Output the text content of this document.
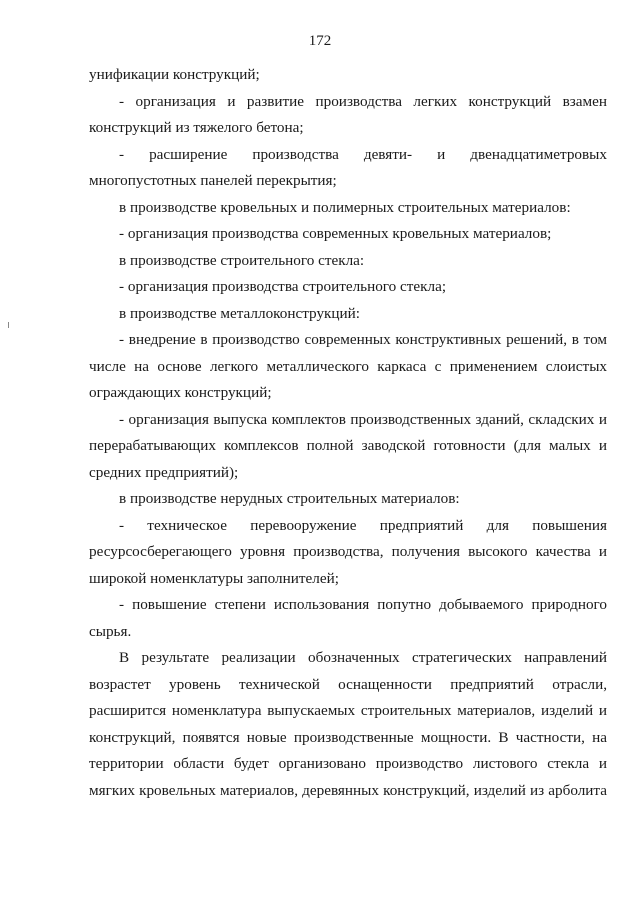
172

унификации конструкций;

- организация и развитие производства легких конструкций взамен
конструкций из тяжелого бетона;

- расширение производства девяти- и двенадцатиметровых
многопустотных панелей перекрытия;

в производстве кровельных и полимерных строительных материалов:

- организация производства современных кровельных материалов;

в производстве строительного стекла:

- организация производства строительного стекла;

в производстве металлоконструкций:

- внедрение в производство современных конструктивных решений, в том
числе на основе легкого металлического каркаса с применением слоистых
ограждающих конструкций;

- организация выпуска комплектов производственных зданий, складских и
перерабатывающих комплексов полной заводской готовности (для малых и
средних предприятий);

в производстве нерудных строительных материалов:

- техническое перевооружение предприятий для повышения
ресурсосберегающего уровня производства, получения высокого качества и
широкой номенклатуры заполнителей;

- повышение степени использования попутно добываемого природного
сырья.

В результате реализации обозначенных стратегических направлений
возрастет уровень технической оснащенности предприятий отрасли,
расширится номенклатура выпускаемых строительных материалов, изделий и
конструкций, появятся новые производственные мощности. В частности, на
территории области будет организовано производство листового стекла и
мягких кровельных материалов, деревянных конструкций, изделий из арболита
